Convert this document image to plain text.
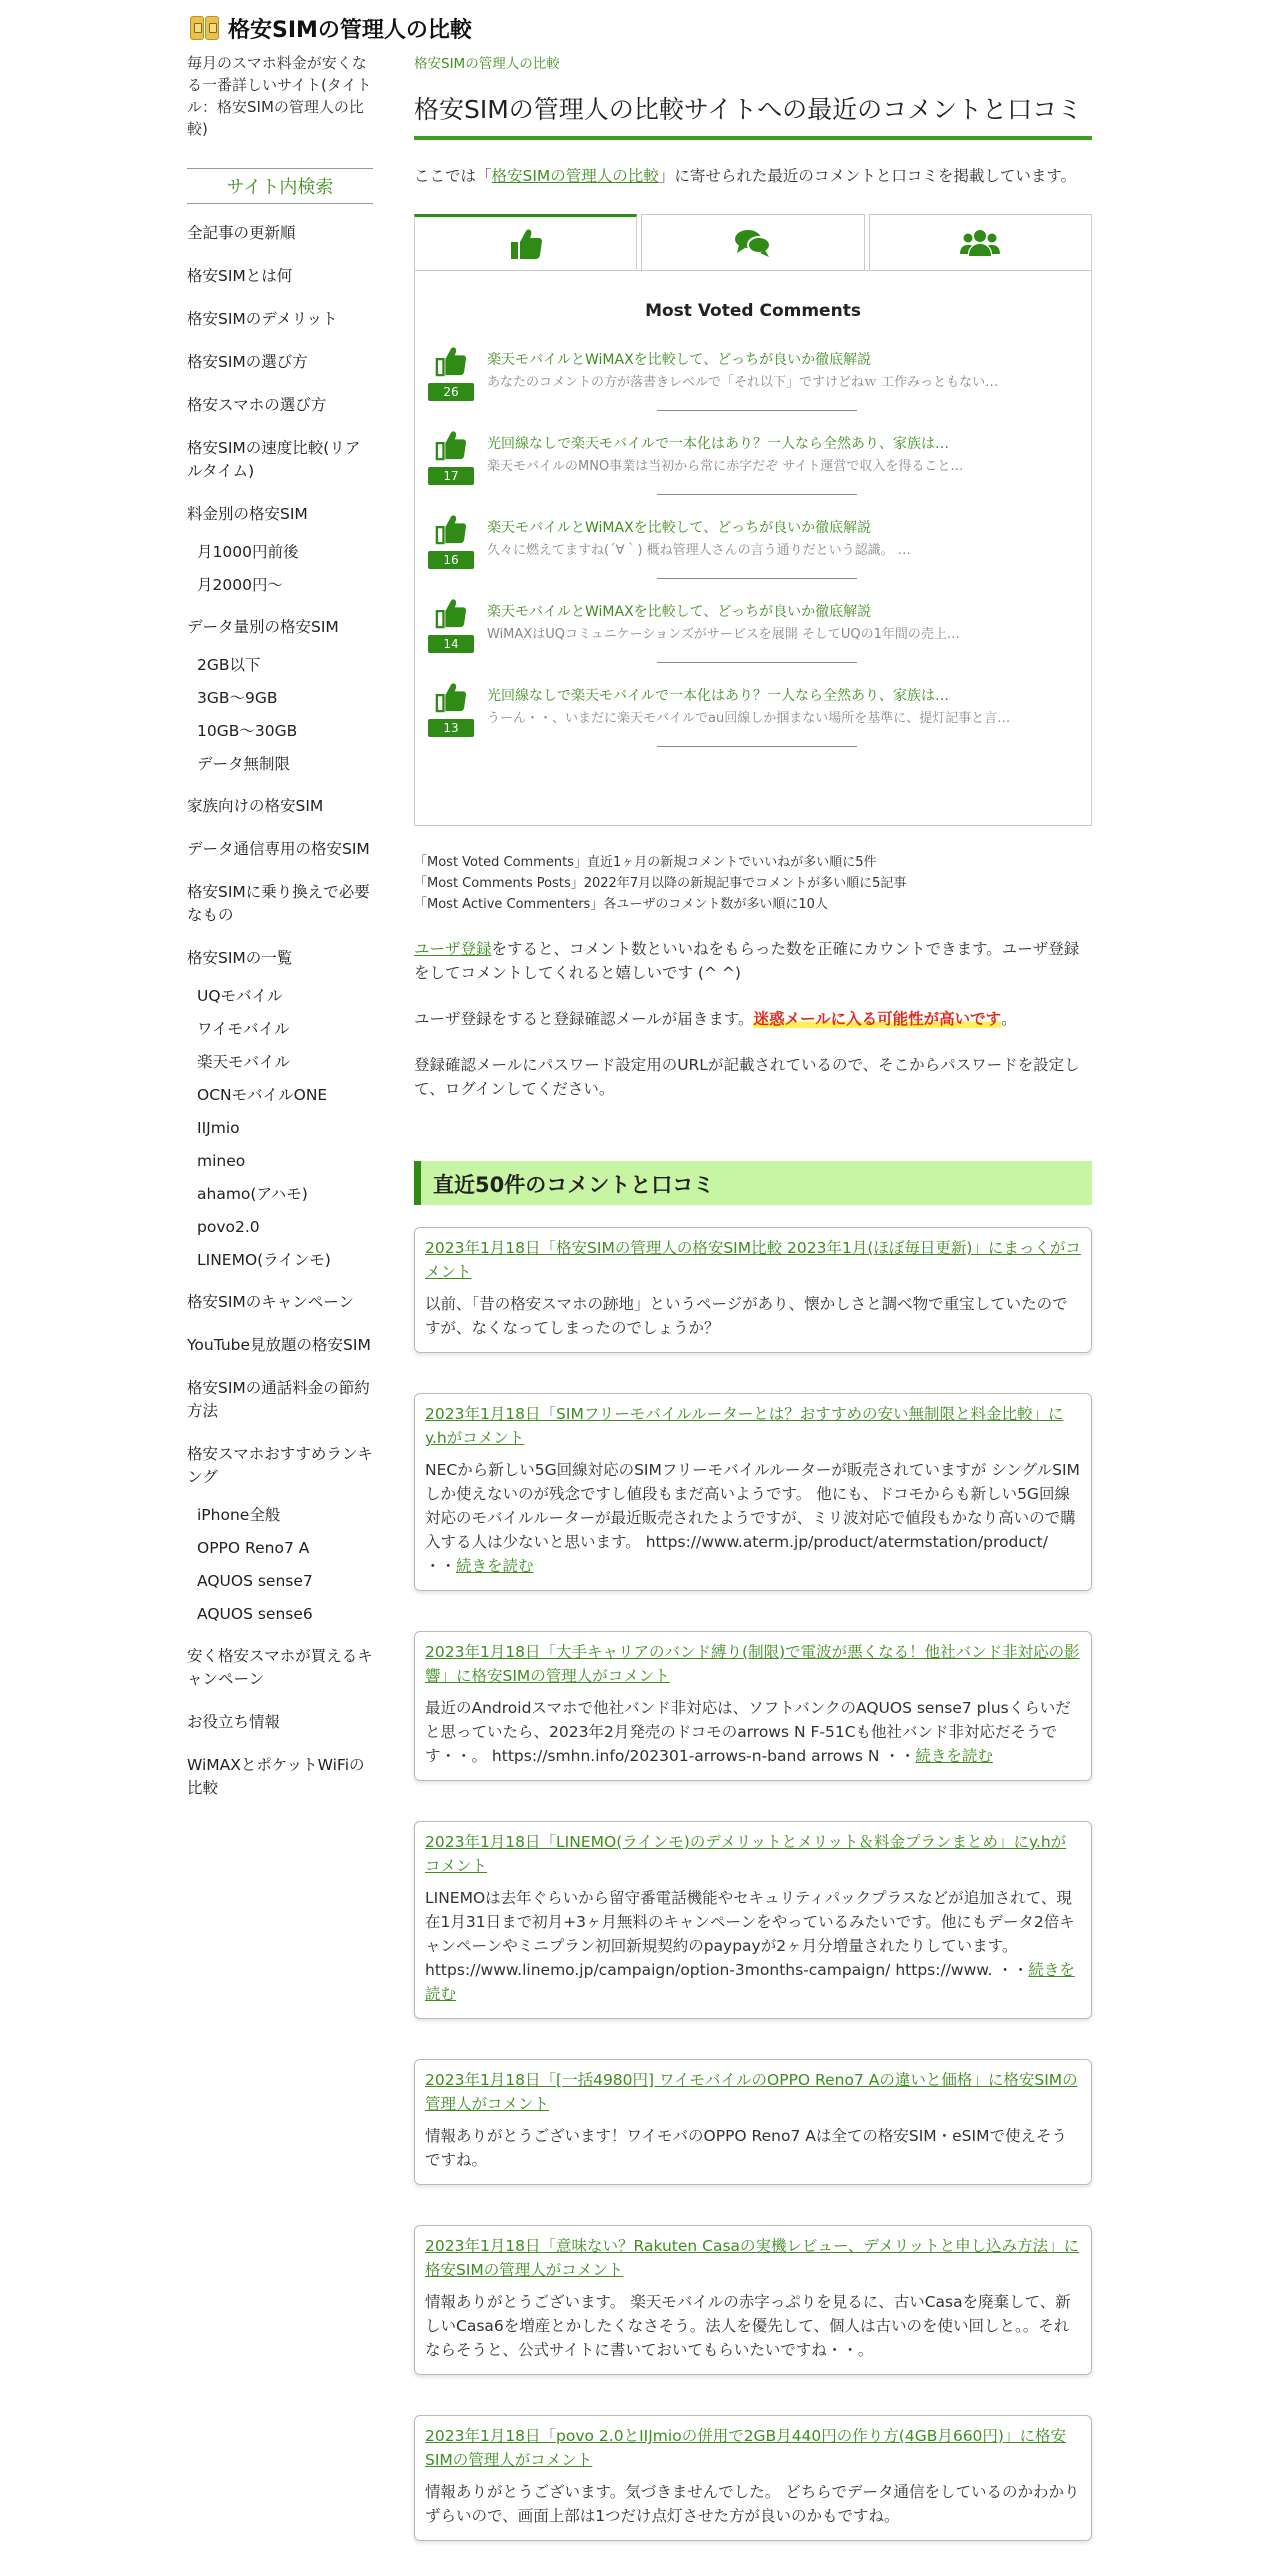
格安SIMの管理人の比較
毎月のスマホ料金が安くなる一番詳しいサイト(タイトル：格安SIMの管理人の比較)
サイト内検索
全記事の更新順
格安SIMとは何
格安SIMのデメリット
格安SIMの選び方
格安スマホの選び方
格安SIMの速度比較(リアルタイム)
料金別の格安SIM
月1000円前後
月2000円〜
データ量別の格安SIM
2GB以下
3GB〜9GB
10GB〜30GB
データ無制限
家族向けの格安SIM
データ通信専用の格安SIM
格安SIMに乗り換えで必要なもの
格安SIMの一覧
UQモバイル
ワイモバイル
楽天モバイル
OCNモバイルONE
IIJmio
mineo
ahamo(アハモ)
povo2.0
LINEMO(ラインモ)
格安SIMのキャンペーン
YouTube見放題の格安SIM
格安SIMの通話料金の節約方法
格安スマホおすすめランキング
iPhone全般
OPPO Reno7 A
AQUOS sense7
AQUOS sense6
安く格安スマホが買えるキャンペーン
お役立ち情報
WiMAXとポケットWiFiの比較
格安SIMの管理人の比較
格安SIMの管理人の比較サイトへの最近のコメントと口コミ

ここでは「格安SIMの管理人の比較」に寄せられた最近のコメントと口コミを掲載しています。

Most Voted Comments
26
楽天モバイルとWiMAXを比較して、どっちが良いか徹底解説
あなたのコメントの方が落書きレベルで「それ以下」ですけどねｗ 工作みっともない…
17
光回線なしで楽天モバイルで一本化はあり？一人なら全然あり、家族は…
楽天モバイルのMNO事業は当初から常に赤字だぞ サイト運営で収入を得ること…
16
楽天モバイルとWiMAXを比較して、どっちが良いか徹底解説
久々に燃えてますね(´∀｀) 概ね管理人さんの言う通りだという認識。 …
14
楽天モバイルとWiMAXを比較して、どっちが良いか徹底解説
WiMAXはUQコミュニケーションズがサービスを展開 そしてUQの1年間の売上…
13
光回線なしで楽天モバイルで一本化はあり？一人なら全然あり、家族は…
うーん・・、いまだに楽天モバイルでau回線しか掴まない場所を基準に、提灯記事と言…
「Most Voted Comments」直近1ヶ月の新規コメントでいいねが多い順に5件
「Most Comments Posts」2022年7月以降の新規記事でコメントが多い順に5記事
「Most Active Commenters」各ユーザのコメント数が多い順に10人

ユーザ登録をすると、コメント数といいねをもらった数を正確にカウントできます。ユーザ登録をしてコメントしてくれると嬉しいです (^ ^)

ユーザ登録をすると登録確認メールが届きます。迷惑メールに入る可能性が高いです。

登録確認メールにパスワード設定用のURLが記載されているので、そこからパスワードを設定して、ログインしてください。

直近50件のコメントと口コミ
2023年1月18日「格安SIMの管理人の格安SIM比較 2023年1月(ほぼ毎日更新)」にまっくがコメント
以前、「昔の格安スマホの跡地」というページがあり、懐かしさと調べ物で重宝していたのですが、なくなってしまったのでしょうか？
2023年1月18日「SIMフリーモバイルルーターとは？おすすめの安い無制限と料金比較」にy.hがコメント
NECから新しい5G回線対応のSIMフリーモバイルルーターが販売されていますが シングルSIMしか使えないのが残念ですし値段もまだ高いようです。 他にも、ドコモからも新しい5G回線対応のモバイルルーターが最近販売されたようですが、ミリ波対応で値段もかなり高いので購入する人は少ないと思います。 https://www.aterm.jp/product/atermstation/product/ ・・続きを読む
2023年1月18日「大手キャリアのバンド縛り(制限)で電波が悪くなる！他社バンド非対応の影響」に格安SIMの管理人がコメント
最近のAndroidスマホで他社バンド非対応は、ソフトバンクのAQUOS sense7 plusくらいだと思っていたら、2023年2月発売のドコモのarrows N F-51Cも他社バンド非対応だそうです・・。 https://smhn.info/202301-arrows-n-band arrows N ・・続きを読む
2023年1月18日「LINEMO(ラインモ)のデメリットとメリット＆料金プランまとめ」にy.hがコメント
LINEMOは去年ぐらいから留守番電話機能やセキュリティパックプラスなどが追加されて、現在1月31日まで初月+3ヶ月無料のキャンペーンをやっているみたいです。他にもデータ2倍キャンペーンやミニプラン初回新規契約のpaypayが2ヶ月分増量されたりしています。 https://www.linemo.jp/campaign/option-3months-campaign/ https://www. ・・続きを読む
2023年1月18日「[一括4980円] ワイモバイルのOPPO Reno7 Aの違いと価格」に格安SIMの管理人がコメント
情報ありがとうございます！ワイモバのOPPO Reno7 Aは全ての格安SIM・eSIMで使えそうですね。
2023年1月18日「意味ない？Rakuten Casaの実機レビュー、デメリットと申し込み方法」に格安SIMの管理人がコメント
情報ありがとうございます。 楽天モバイルの赤字っぷりを見るに、古いCasaを廃棄して、新しいCasa6を増産とかしたくなさそう。法人を優先して、個人は古いのを使い回しと。。それならそうと、公式サイトに書いておいてもらいたいですね・・。
2023年1月18日「povo 2.0とIIJmioの併用で2GB月440円の作り方(4GB月660円)」に格安SIMの管理人がコメント
情報ありがとうございます。気づきませんでした。 どちらでデータ通信をしているのかわかりずらいので、画面上部は1つだけ点灯させた方が良いのかもですね。
